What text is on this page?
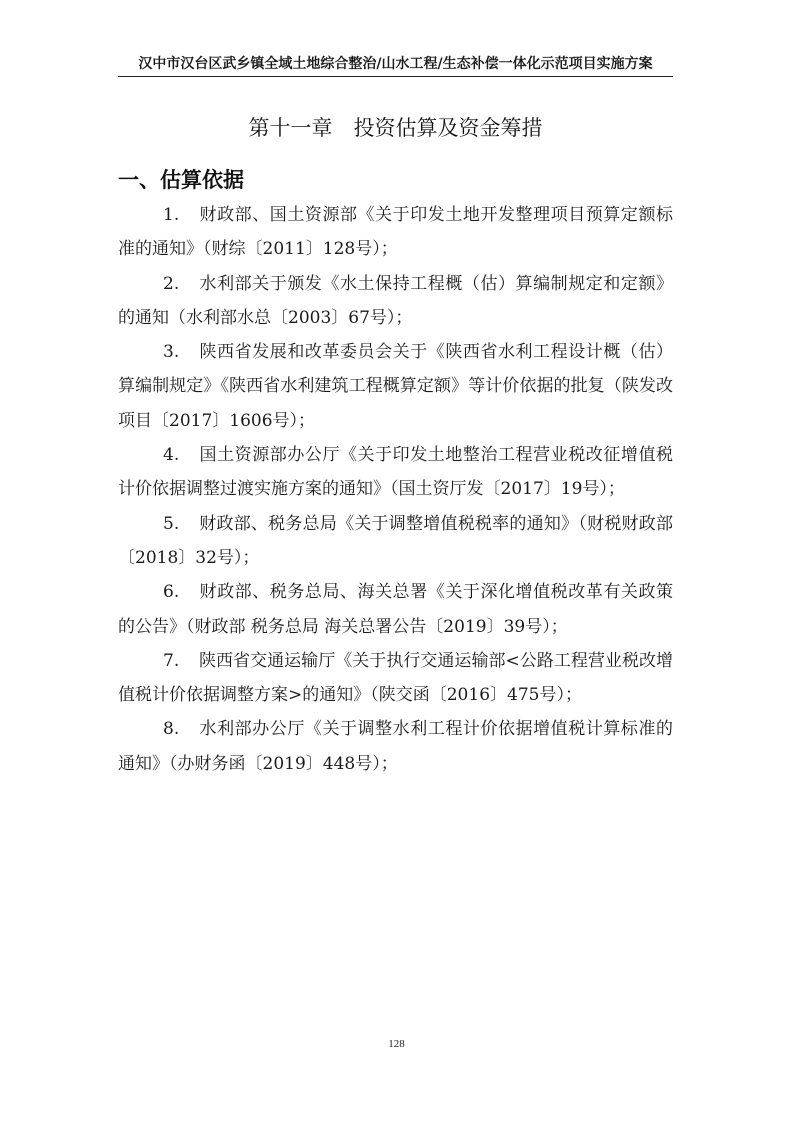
汉中市汉台区武乡镇全域土地综合整治/山水工程/生态补偿一体化示范项目实施方案
第十一章　投资估算及资金筹措
一、估算依据

1. 财政部、国土资源部《关于印发土地开发整理项目预算定额标准的通知》（财综〔2011〕128号）；

2. 水利部关于颁发《水土保持工程概（估）算编制规定和定额》的通知（水利部水总〔2003〕67号）；

3. 陕西省发展和改革委员会关于《陕西省水利工程设计概（估）算编制规定》《陕西省水利建筑工程概算定额》等计价依据的批复（陕发改项目〔2017〕1606号）；

4. 国土资源部办公厅《关于印发土地整治工程营业税改征增值税计价依据调整过渡实施方案的通知》（国土资厅发〔2017〕19号）；

5. 财政部、税务总局《关于调整增值税税率的通知》（财税财政部〔2018〕32号）；

6. 财政部、税务总局、海关总署《关于深化增值税改革有关政策的公告》（财政部 税务总局 海关总署公告〔2019〕39号）；

7. 陕西省交通运输厅《关于执行交通运输部<公路工程营业税改增值税计价依据调整方案>的通知》（陕交函〔2016〕475号）；

8. 水利部办公厅《关于调整水利工程计价依据增值税计算标准的通知》（办财务函〔2019〕448号）；

128
